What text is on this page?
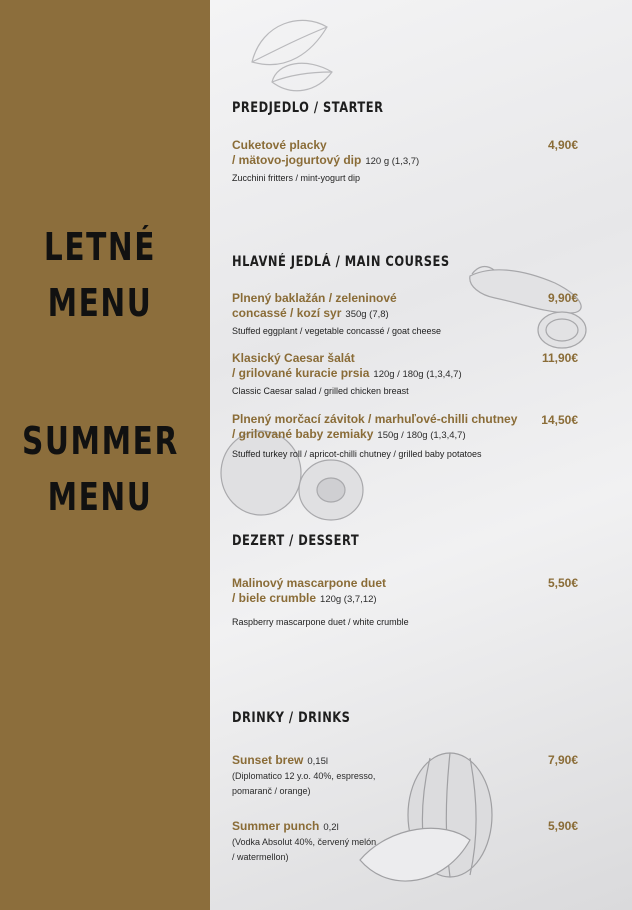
LETNÉ
MENU
SUMMER
MENU
PREDJEDLO / STARTER
Cuketové placky
/ mätovo-jogurtový dip 120 g (1,3,7)
Zucchini fritters / mint-yogurt dip
4,90€
HLAVNÉ JEDLÁ / MAIN COURSES
Plnený baklažán / zeleninové
concassé / kozí syr 350g (7,8)
Stuffed eggplant / vegetable concassé / goat cheese
9,90€
Klasický Caesar šalát
/ grilované kuracie prsia 120g / 180g (1,3,4,7)
Classic Caesar salad / grilled chicken breast
11,90€
Plnený morčací závitok / marhuľové-chilli chutney
/ grilované baby zemiaky 150g / 180g (1,3,4,7)
Stuffed turkey roll / apricot-chilli chutney / grilled baby potatoes
14,50€
DEZERT / DESSERT
Malinový mascarpone duet
/ biele crumble 120g (3,7,12)
Raspberry mascarpone duet / white crumble
5,50€
DRINKY / DRINKS
Sunset brew 0,15l
(Diplomatico 12 y.o. 40%, espresso,
pomaranč / orange)
7,90€
Summer punch 0,2l
(Vodka Absolut 40%, červený melón
/ watermellon)
5,90€
